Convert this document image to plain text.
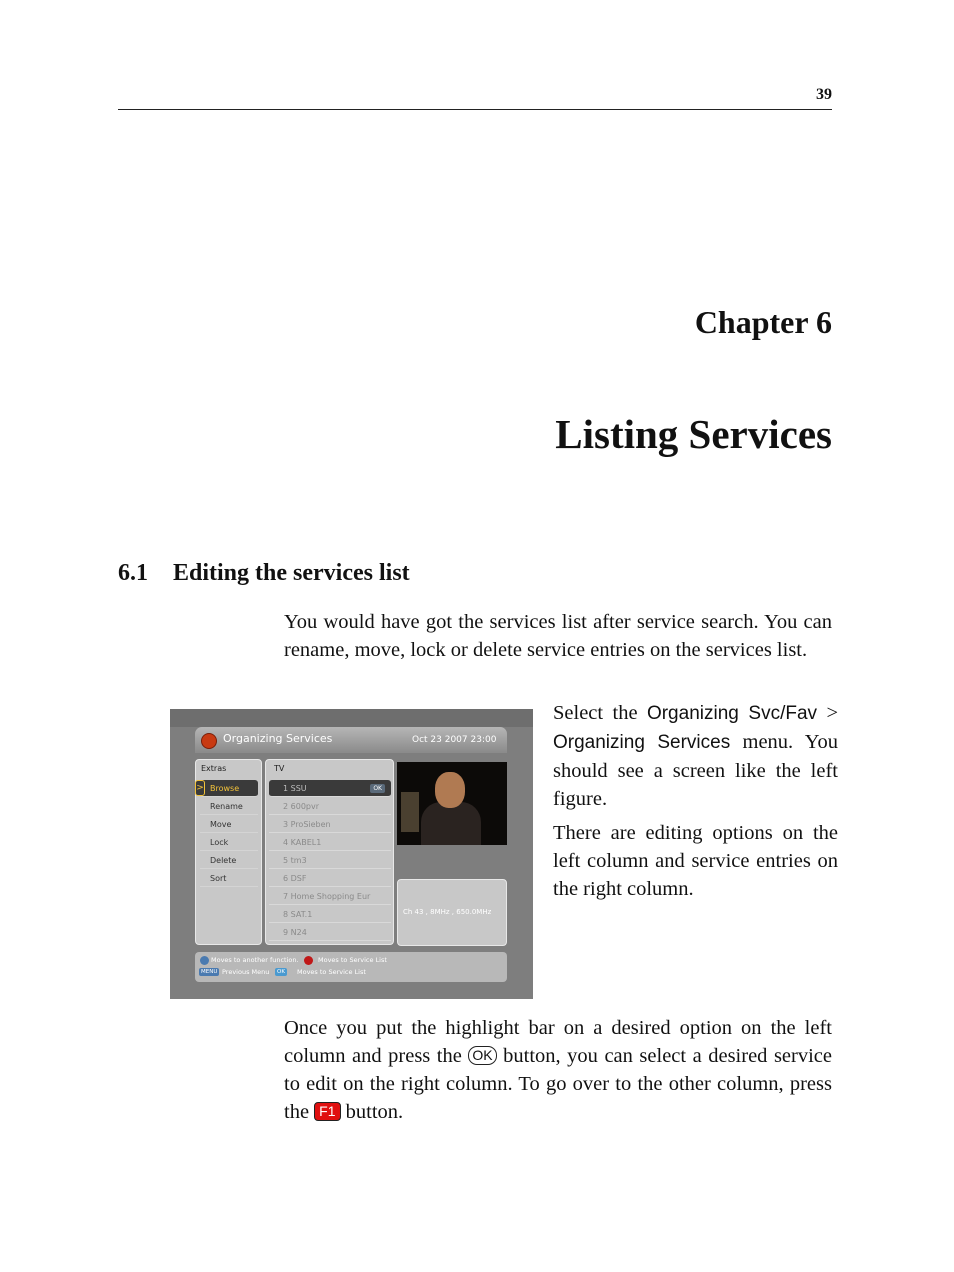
39
Chapter 6
Listing Services
6.1 Editing the services list
You would have got the services list after service search. You can rename, move, lock or delete service entries on the services list.
Select the Organizing Svc/Fav > Organizing Services menu. You should see a screen like the left figure.
There are editing options on the left column and service entries on the right column.
Once you put the highlight bar on a desired option on the left column and press the OK button, you can select a desired service to edit on the right column. To go over to the other column, press the F1 button.
Organizing Services	Oct 23 2007 23:00
Extras
Browse
Rename
Move
Lock
Delete
Sort
>
TV
1 SSU	OK
2 600pvr
3 ProSieben
4 KABEL1
5 tm3
6 DSF
7 Home Shopping Eur
8 SAT.1
9 N24
Ch 43 , 8MHz , 650.0MHz
Moves to another function.	Moves to Service List
MENU Previous Menu	OK	Moves to Service List
